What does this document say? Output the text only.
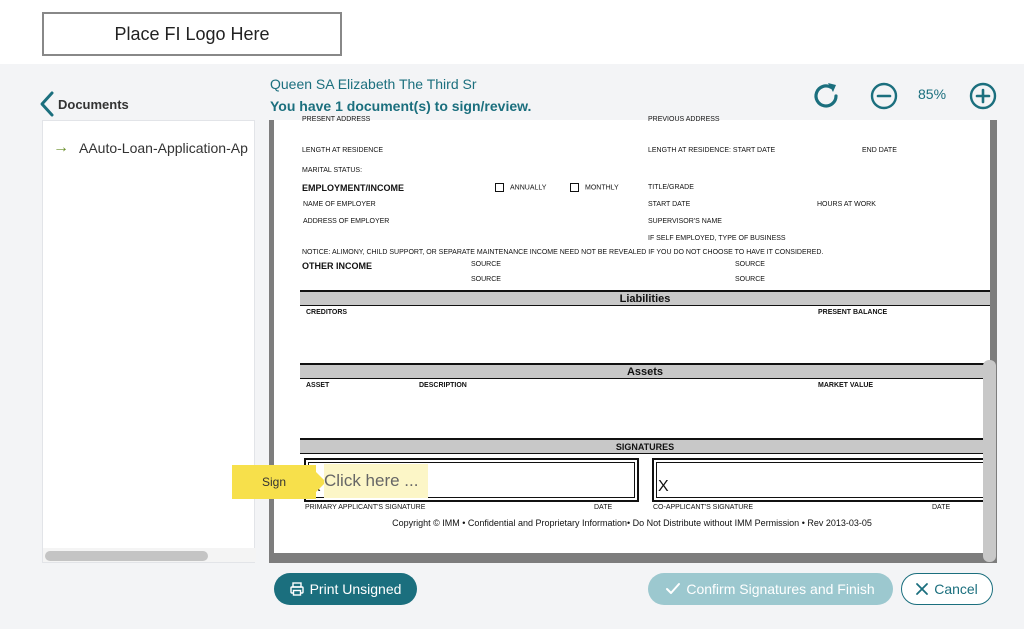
Place FI Logo Here
Documents
→ AAuto-Loan-Application-Ap
Queen SA Elizabeth The Third Sr
You have 1 document(s) to sign/review.
85%
PRESENT ADDRESS	PREVIOUS ADDRESS
LENGTH AT RESIDENCE	LENGTH AT RESIDENCE: START DATE	END DATE
MARITAL STATUS:
EMPLOYMENT/INCOME	ANNUALLY	MONTHLY	TITLE/GRADE
NAME OF EMPLOYER	START DATE	HOURS AT WORK
ADDRESS OF EMPLOYER	SUPERVISOR'S NAME
IF SELF EMPLOYED, TYPE OF BUSINESS
NOTICE: ALIMONY, CHILD SUPPORT, OR SEPARATE MAINTENANCE INCOME NEED NOT BE REVEALED IF YOU DO NOT CHOOSE TO HAVE IT CONSIDERED.
OTHER INCOME	SOURCE	SOURCE
SOURCE	SOURCE
Liabilities
CREDITORS	PRESENT BALANCE
Assets
ASSET	DESCRIPTION	MARKET VALUE
SIGNATURES
X
PRIMARY APPLICANT'S SIGNATURE	DATE	CO-APPLICANT'S SIGNATURE	DATE
Copyright © IMM • Confidential and Proprietary Information• Do Not Distribute without IMM Permission • Rev 2013-03-05
Sign	Click here ...
Print Unsigned	Confirm Signatures and Finish	Cancel
